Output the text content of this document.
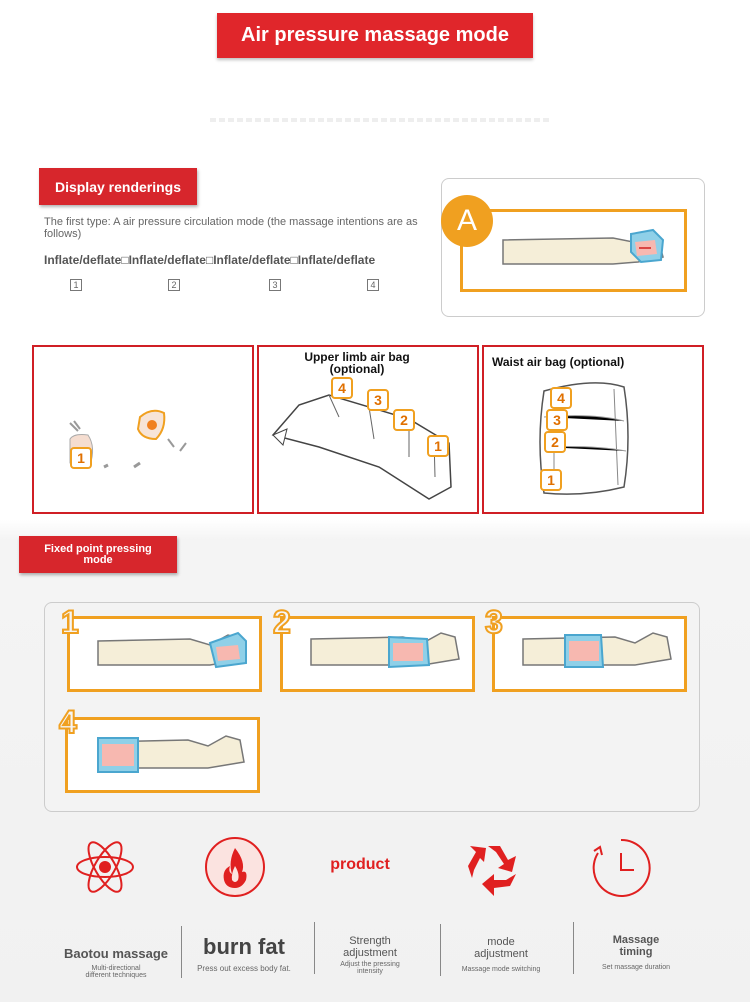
Air pressure massage mode
Display renderings
The first type: A air pressure circulation mode (the massage intentions are as follows)
Inflate/deflate□Inflate/deflate□Inflate/deflate□Inflate/deflate
1	2	3	4
A
1
Upper limb air bag (optional)
4
3
2
1
Waist air bag (optional)
4
3
2
1
Fixed point pressing mode
1	2	3
4
product
Baotou massage
Multi-directional different techniques
burn fat
Press out excess body fat.
Strength adjustment
Adjust the pressing intensity
mode adjustment
Massage mode switching
Massage timing
Set massage duration
